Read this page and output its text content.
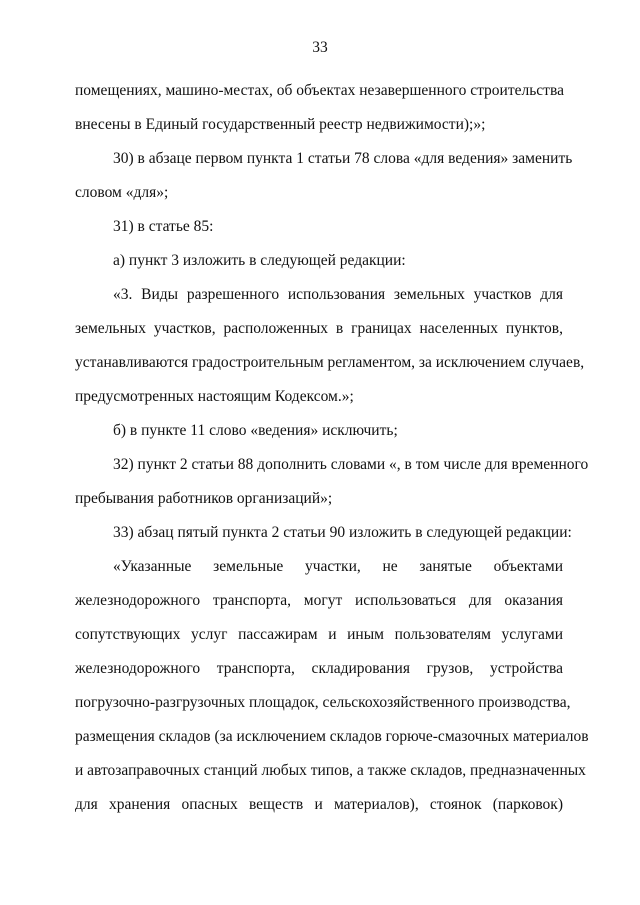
33
помещениях, машино-местах, об объектах незавершенного строительства
внесены в Единый государственный реестр недвижимости);»;
30) в абзаце первом пункта 1 статьи 78 слова «для ведения» заменить
словом «для»;
31) в статье 85:
а) пункт 3 изложить в следующей редакции:
«3. Виды разрешенного использования земельных участков для
земельных участков, расположенных в границах населенных пунктов,
устанавливаются градостроительным регламентом, за исключением случаев,
предусмотренных настоящим Кодексом.»;
б) в пункте 11 слово «ведения» исключить;
32) пункт 2 статьи 88 дополнить словами «, в том числе для временного
пребывания работников организаций»;
33) абзац пятый пункта 2 статьи 90 изложить в следующей редакции:
«Указанные земельные участки, не занятые объектами
железнодорожного транспорта, могут использоваться для оказания
сопутствующих услуг пассажирам и иным пользователям услугами
железнодорожного транспорта, складирования грузов, устройства
погрузочно-разгрузочных площадок, сельскохозяйственного производства,
размещения складов (за исключением складов горюче-смазочных материалов
и автозаправочных станций любых типов, а также складов, предназначенных
для хранения опасных веществ и материалов), стоянок (парковок)
